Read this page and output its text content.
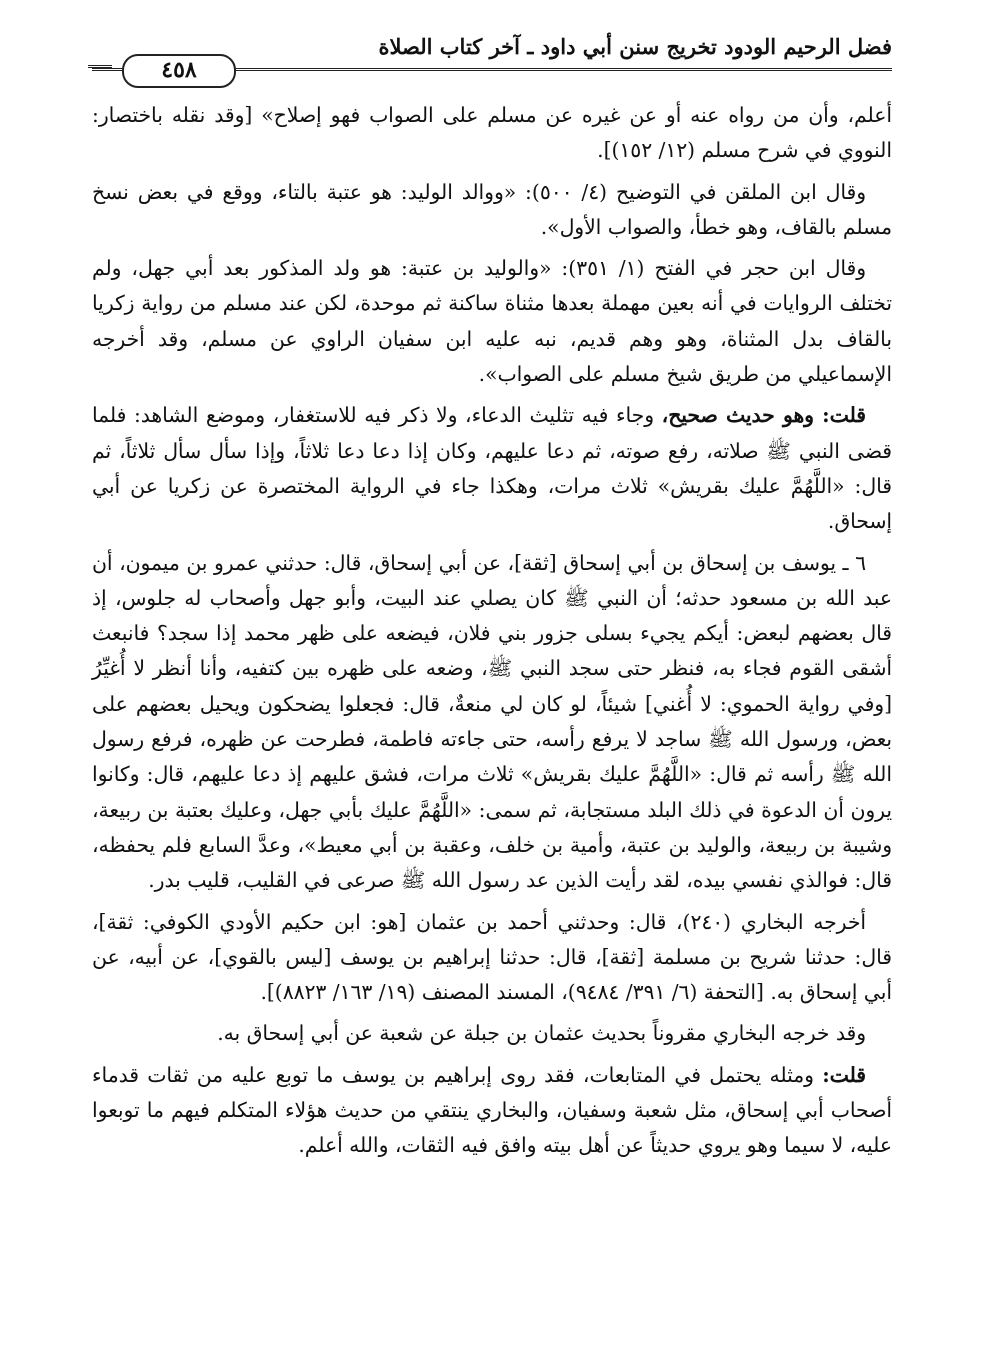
فضل الرحيم الودود تخريج سنن أبي داود ـ آخر كتاب الصلاة
٤٥٨

أعلم، وأن من رواه عنه أو عن غيره عن مسلم على الصواب فهو إصلاح» [وقد نقله باختصار: النووي في شرح مسلم (١٢/ ١٥٢)].

وقال ابن الملقن في التوضيح (٤/ ٥٠٠): «ووالد الوليد: هو عتبة بالتاء، ووقع في بعض نسخ مسلم بالقاف، وهو خطأ، والصواب الأول».

وقال ابن حجر في الفتح (١/ ٣٥١): «والوليد بن عتبة: هو ولد المذكور بعد أبي جهل، ولم تختلف الروايات في أنه بعين مهملة بعدها مثناة ساكنة ثم موحدة، لكن عند مسلم من رواية زكريا بالقاف بدل المثناة، وهو وهم قديم، نبه عليه ابن سفيان الراوي عن مسلم، وقد أخرجه الإسماعيلي من طريق شيخ مسلم على الصواب».

قلت: وهو حديث صحيح، وجاء فيه تثليث الدعاء، ولا ذكر فيه للاستغفار، وموضع الشاهد: فلما قضى النبي ﷺ صلاته، رفع صوته، ثم دعا عليهم، وكان إذا دعا دعا ثلاثاً، وإذا سأل سأل ثلاثاً، ثم قال: «اللَّهُمَّ عليك بقريش» ثلاث مرات، وهكذا جاء في الرواية المختصرة عن زكريا عن أبي إسحاق.

٦ ـ يوسف بن إسحاق بن أبي إسحاق [ثقة]، عن أبي إسحاق، قال: حدثني عمرو بن ميمون، أن عبد الله بن مسعود حدثه؛ أن النبي ﷺ كان يصلي عند البيت، وأبو جهل وأصحاب له جلوس، إذ قال بعضهم لبعض: أيكم يجيء بسلى جزور بني فلان، فيضعه على ظهر محمد إذا سجد؟ فانبعث أشقى القوم فجاء به، فنظر حتى سجد النبي ﷺ، وضعه على ظهره بين كتفيه، وأنا أنظر لا أُغيِّرُ [وفي رواية الحموي: لا أُغني] شيئاً، لو كان لي منعةٌ، قال: فجعلوا يضحكون ويحيل بعضهم على بعض، ورسول الله ﷺ ساجد لا يرفع رأسه، حتى جاءته فاطمة، فطرحت عن ظهره، فرفع رسول الله ﷺ رأسه ثم قال: «اللَّهُمَّ عليك بقريش» ثلاث مرات، فشق عليهم إذ دعا عليهم، قال: وكانوا يرون أن الدعوة في ذلك البلد مستجابة، ثم سمى: «اللَّهُمَّ عليك بأبي جهل، وعليك بعتبة بن ربيعة، وشيبة بن ربيعة، والوليد بن عتبة، وأمية بن خلف، وعقبة بن أبي معيط»، وعدَّ السابع فلم يحفظه، قال: فوالذي نفسي بيده، لقد رأيت الذين عد رسول الله ﷺ صرعى في القليب، قليب بدر.

أخرجه البخاري (٢٤٠)، قال: وحدثني أحمد بن عثمان [هو: ابن حكيم الأودي الكوفي: ثقة]، قال: حدثنا شريح بن مسلمة [ثقة]، قال: حدثنا إبراهيم بن يوسف [ليس بالقوي]، عن أبيه، عن أبي إسحاق به. [التحفة (٦/ ٣٩١/ ٩٤٨٤)، المسند المصنف (١٩/ ١٦٣/ ٨٨٢٣)].

وقد خرجه البخاري مقروناً بحديث عثمان بن جبلة عن شعبة عن أبي إسحاق به.

قلت: ومثله يحتمل في المتابعات، فقد روى إبراهيم بن يوسف ما توبع عليه من ثقات قدماء أصحاب أبي إسحاق، مثل شعبة وسفيان، والبخاري ينتقي من حديث هؤلاء المتكلم فيهم ما توبعوا عليه، لا سيما وهو يروي حديثاً عن أهل بيته وافق فيه الثقات، والله أعلم.
